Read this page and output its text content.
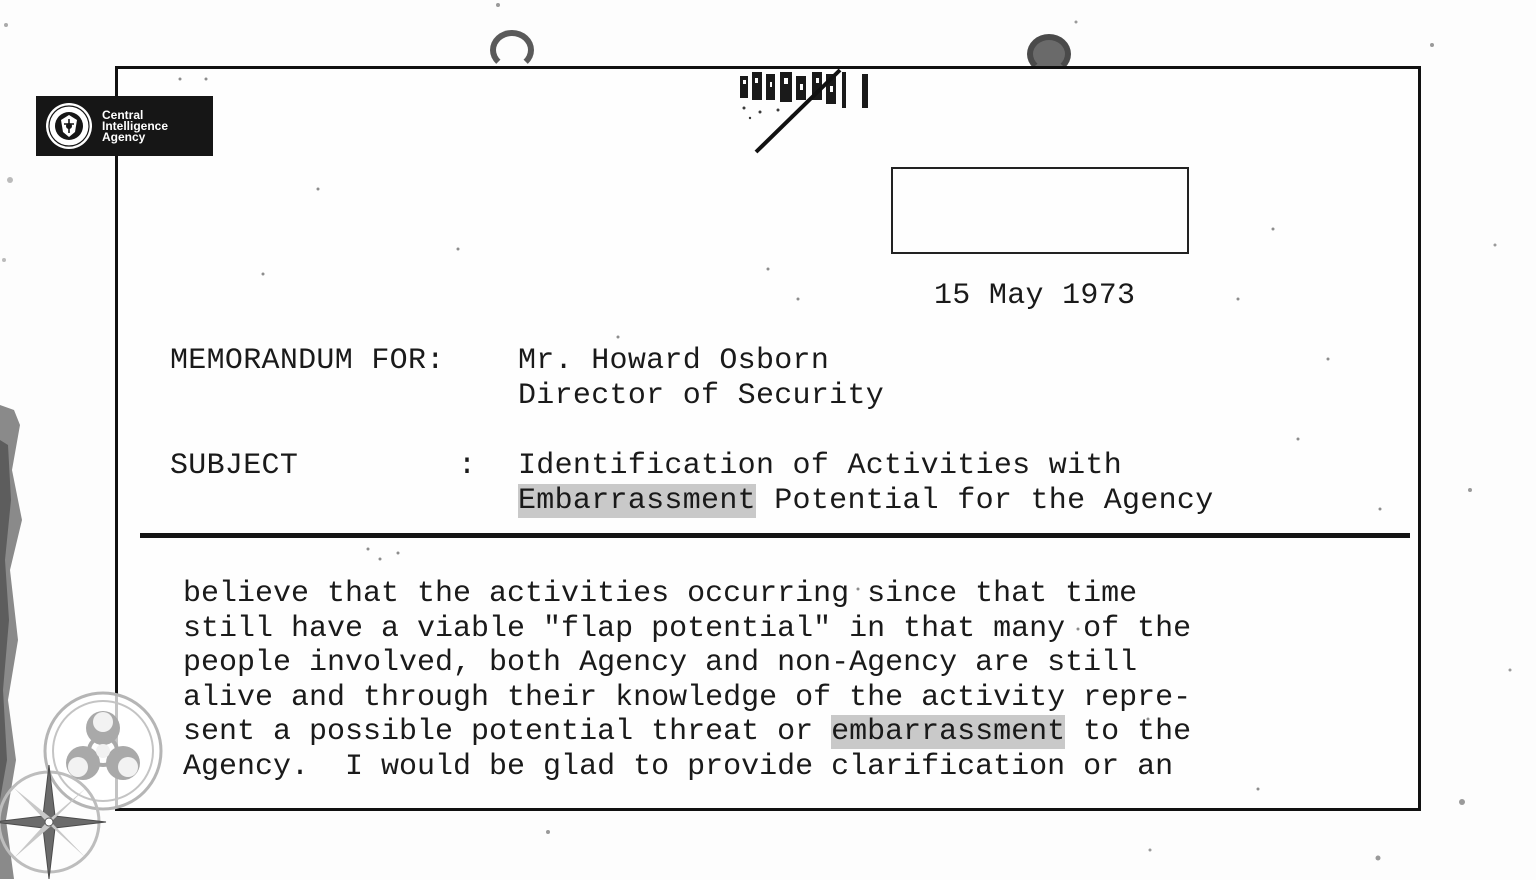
Central
Intelligence
Agency
15 May 1973
MEMORANDUM FOR: Mr. Howard Osborn
Director of Security
SUBJECT	: Identification of Activities with
Embarrassment Potential for the Agency
believe that the activities occurring since that time
still have a viable "flap potential" in that many of the
people involved, both Agency and non-Agency are still
alive and through their knowledge of the activity repre-
sent a possible potential threat or embarrassment to the
Agency.  I would be glad to provide clarification or an
